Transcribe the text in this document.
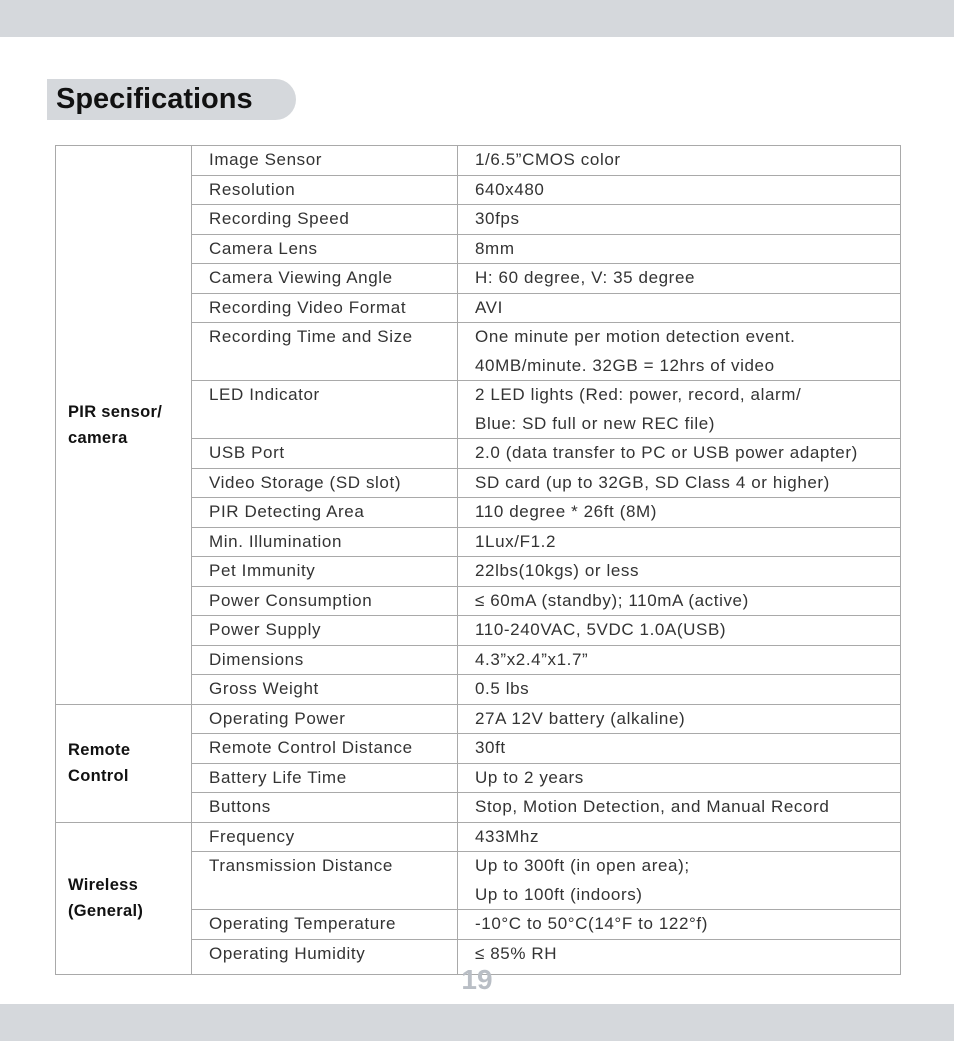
Specifications
PIR sensor/
camera	Image Sensor	1/6.5”CMOS color

	Resolution	640x480

	Recording Speed	30fps

	Camera Lens	8mm

	Camera Viewing Angle	H: 60 degree, V: 35 degree

	Recording Video Format	AVI

	Recording Time and Size	One minute per motion detection event.
40MB/minute. 32GB = 12hrs of video

	LED Indicator	2 LED lights (Red: power, record, alarm/
Blue: SD full or new REC file)

	USB Port	2.0 (data transfer to PC or USB power adapter)

	Video Storage (SD slot)	SD card (up to 32GB, SD Class 4 or higher)

	PIR Detecting Area	110 degree * 26ft (8M)

	Min. Illumination	1Lux/F1.2

	Pet Immunity	22lbs(10kgs) or less

	Power Consumption	≤ 60mA (standby); 110mA (active)

	Power Supply	110-240VAC, 5VDC 1.0A(USB)

	Dimensions	4.3”x2.4”x1.7”

	Gross Weight	0.5 lbs

Remote
Control	Operating Power	27A 12V battery (alkaline)

	Remote Control Distance	30ft

	Battery Life Time	Up to 2 years

	Buttons	Stop, Motion Detection, and Manual Record

Wireless
(General)	Frequency	433Mhz

	Transmission Distance	Up to 300ft (in open area);
Up to 100ft (indoors)

	Operating Temperature	-10°C to 50°C(14°F to 122°f)

	Operating Humidity	≤ 85% RH
19
